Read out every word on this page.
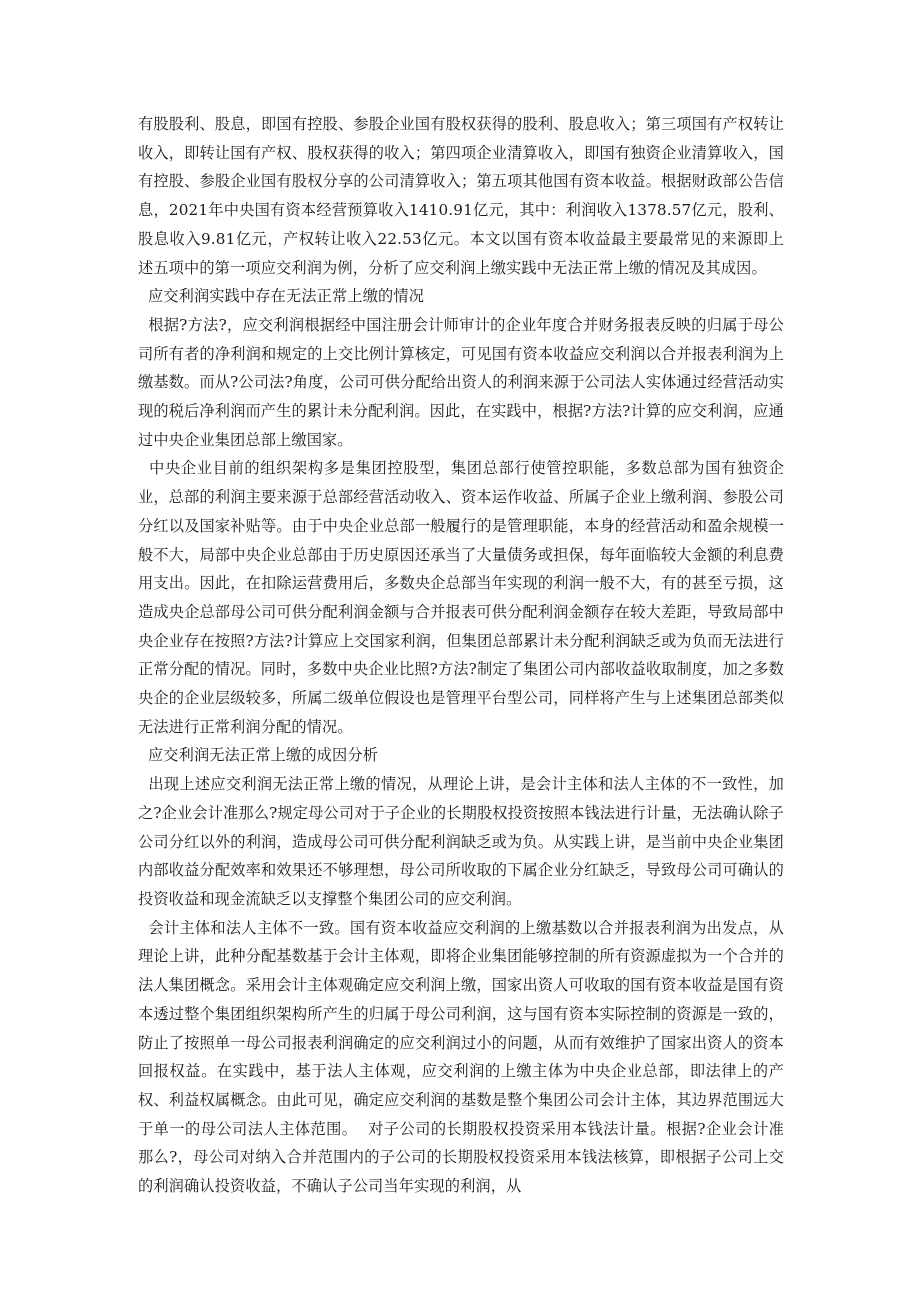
有股股利、股息，即国有控股、参股企业国有股权获得的股利、股息收入；第三项国有产权转让收入，即转让国有产权、股权获得的收入；第四项企业清算收入，即国有独资企业清算收入，国有控股、参股企业国有股权分享的公司清算收入；第五项其他国有资本收益。根据财政部公告信息，2021年中央国有资本经营预算收入1410.91亿元，其中：利润收入1378.57亿元，股利、股息收入9.81亿元，产权转让收入22.53亿元。本文以国有资本收益最主要最常见的来源即上述五项中的第一项应交利润为例，分析了应交利润上缴实践中无法正常上缴的情况及其成因。

应交利润实践中存在无法正常上缴的情况

根据?方法?，应交利润根据经中国注册会计师审计的企业年度合并财务报表反映的归属于母公司所有者的净利润和规定的上交比例计算核定，可见国有资本收益应交利润以合并报表利润为上缴基数。而从?公司法?角度，公司可供分配给出资人的利润来源于公司法人实体通过经营活动实现的税后净利润而产生的累计未分配利润。因此，在实践中，根据?方法?计算的应交利润，应通过中央企业集团总部上缴国家。

中央企业目前的组织架构多是集团控股型，集团总部行使管控职能，多数总部为国有独资企业，总部的利润主要来源于总部经营活动收入、资本运作收益、所属子企业上缴利润、参股公司分红以及国家补贴等。由于中央企业总部一般履行的是管理职能，本身的经营活动和盈余规模一般不大，局部中央企业总部由于历史原因还承当了大量债务或担保，每年面临较大金额的利息费用支出。因此，在扣除运营费用后，多数央企总部当年实现的利润一般不大，有的甚至亏损，这造成央企总部母公司可供分配利润金额与合并报表可供分配利润金额存在较大差距，导致局部中央企业存在按照?方法?计算应上交国家利润，但集团总部累计未分配利润缺乏或为负而无法进行正常分配的情况。同时，多数中央企业比照?方法?制定了集团公司内部收益收取制度，加之多数央企的企业层级较多，所属二级单位假设也是管理平台型公司，同样将产生与上述集团总部类似无法进行正常利润分配的情况。

应交利润无法正常上缴的成因分析

出现上述应交利润无法正常上缴的情况，从理论上讲，是会计主体和法人主体的不一致性，加之?企业会计准那么?规定母公司对于子企业的长期股权投资按照本钱法进行计量，无法确认除子公司分红以外的利润，造成母公司可供分配利润缺乏或为负。从实践上讲，是当前中央企业集团内部收益分配效率和效果还不够理想，母公司所收取的下属企业分红缺乏，导致母公司可确认的投资收益和现金流缺乏以支撑整个集团公司的应交利润。

会计主体和法人主体不一致。国有资本收益应交利润的上缴基数以合并报表利润为出发点，从理论上讲，此种分配基数基于会计主体观，即将企业集团能够控制的所有资源虚拟为一个合并的法人集团概念。采用会计主体观确定应交利润上缴，国家出资人可收取的国有资本收益是国有资本透过整个集团组织架构所产生的归属于母公司利润，这与国有资本实际控制的资源是一致的，防止了按照单一母公司报表利润确定的应交利润过小的问题，从而有效维护了国家出资人的资本回报权益。在实践中，基于法人主体观，应交利润的上缴主体为中央企业总部，即法律上的产权、利益权属概念。由此可见，确定应交利润的基数是整个集团公司会计主体，其边界范围远大于单一的母公司法人主体范围。  对子公司的长期股权投资采用本钱法计量。根据?企业会计准那么?，母公司对纳入合并范围内的子公司的长期股权投资采用本钱法核算，即根据子公司上交的利润确认投资收益，不确认子公司当年实现的利润，从
